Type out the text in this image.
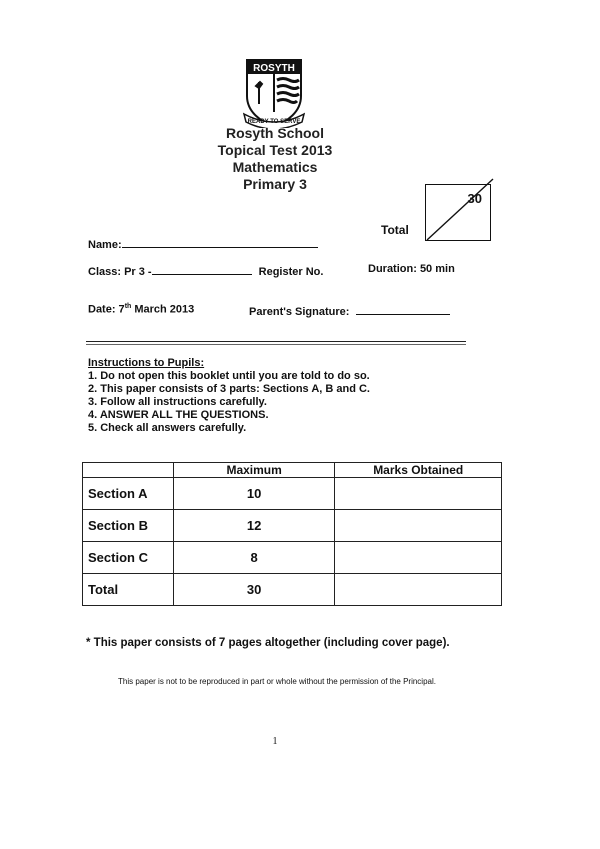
ROSYTH
READY TO SERVE
Rosyth School
Topical Test 2013
Mathematics
Primary 3
Total
30
Name:
Class: Pr 3 -	Register No.	Duration: 50 min
Date: 7th March 2013	Parent's Signature:
Instructions to Pupils:
1. Do not open this booklet until you are told to do so.
2. This paper consists of 3 parts: Sections A, B and C.
3. Follow all instructions carefully.
4. ANSWER ALL THE QUESTIONS.
5. Check all answers carefully.
	Maximum	Marks Obtained
Section A	10	
Section B	12	
Section C	8	
Total	30	
* This paper consists of 7 pages altogether (including cover page).
This paper is not to be reproduced in part or whole without the permission of the Principal.
1
